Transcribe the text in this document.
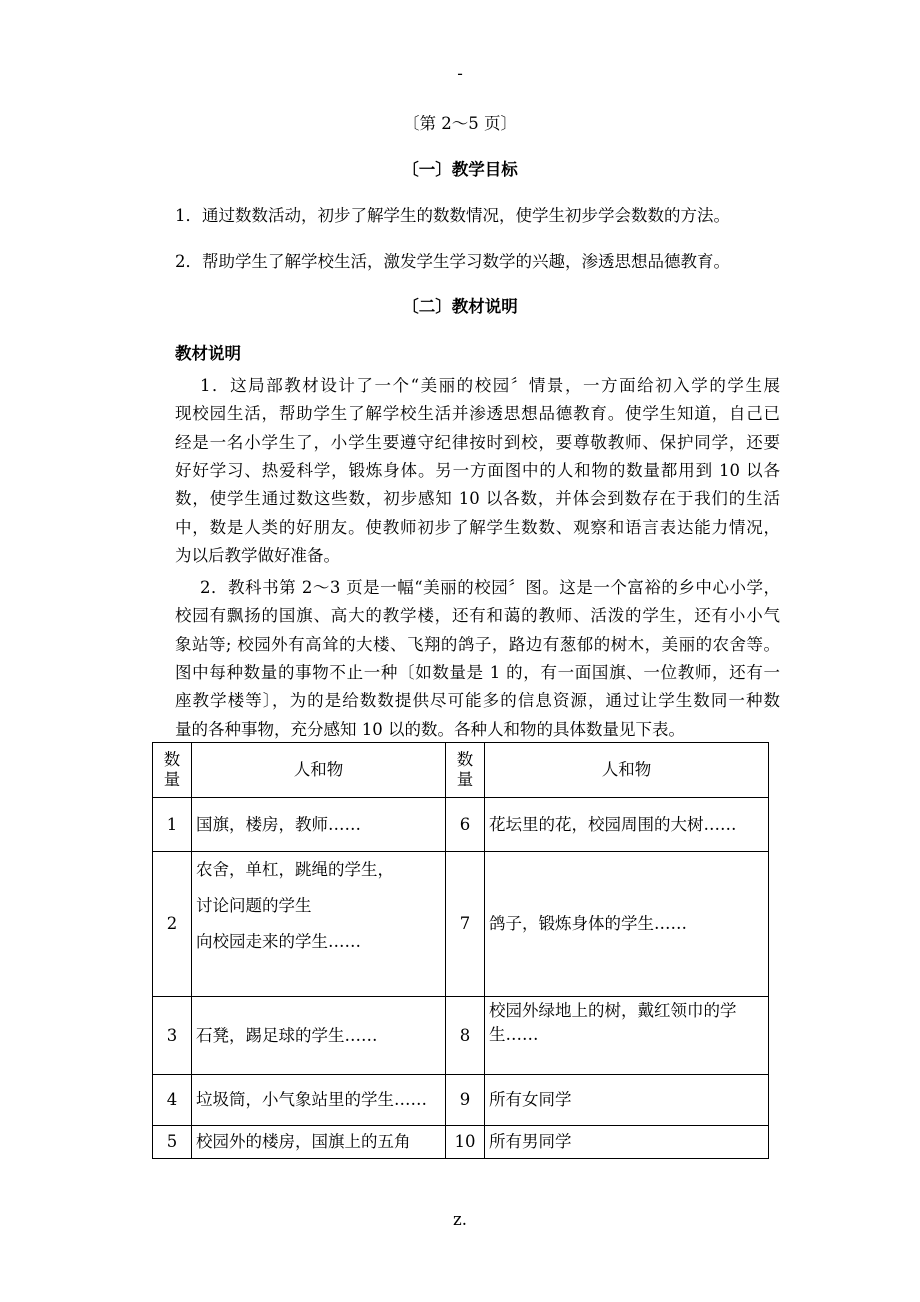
-
〔第 2～5 页〕
〔一〕教学目标
1．通过数数活动，初步了解学生的数数情况，使学生初步学会数数的方法。
2．帮助学生了解学校生活，激发学生学习数学的兴趣，渗透思想品德教育。
〔二〕教材说明
教材说明
1．这局部教材设计了一个“美丽的校园〞情景，一方面给初入学的学生展
现校园生活，帮助学生了解学校生活并渗透思想品德教育。使学生知道，自己已
经是一名小学生了，小学生要遵守纪律按时到校，要尊敬教师、保护同学，还要
好好学习、热爱科学，锻炼身体。另一方面图中的人和物的数量都用到 10 以各
数，使学生通过数这些数，初步感知 10 以各数，并体会到数存在于我们的生活
中，数是人类的好朋友。使教师初步了解学生数数、观察和语言表达能力情况，
为以后教学做好准备。
2．教科书第 2～3 页是一幅“美丽的校园〞图。这是一个富裕的乡中心小学，
校园有飘扬的国旗、高大的教学楼，还有和蔼的教师、活泼的学生，还有小小气
象站等; 校园外有高耸的大楼、飞翔的鸽子，路边有葱郁的树木，美丽的农舍等。
图中每种数量的事物不止一种〔如数量是 1 的，有一面国旗、一位教师，还有一
座教学楼等〕，为的是给数数提供尽可能多的信息资源，通过让学生数同一种数
量的各种事物，充分感知 10 以的数。各种人和物的具体数量见下表。
数量	人和物	数量	人和物
1	国旗，楼房，教师……	6	花坛里的花，校园周围的大树……

2	农舍，单杠，跳绳的学生，
讨论问题的学生
向校园走来的学生……	7	鸽子，锻炼身体的学生……

3	石凳，踢足球的学生……	8	校园外绿地上的树，戴红领巾的学
生……

4	垃圾筒，小气象站里的学生……	9	所有女同学

5	校园外的楼房，国旗上的五角	10	所有男同学
z.
